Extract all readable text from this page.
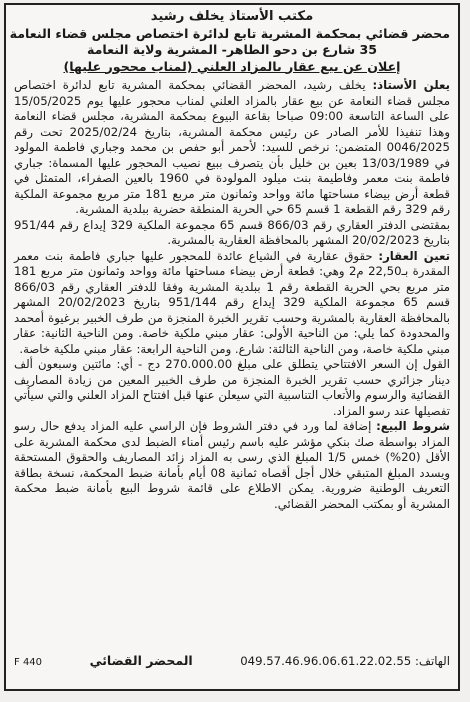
مكتب الأستاذ يخلف رشيد
محضر قضائي بمحكمة المشرية تابع لدائرة اختصاص مجلس قضاء النعامة
35 شارع بن دحو الطاهر- المشرية ولاية النعامة
إعلان عن بيع عقار بالمزاد العلني (لمناب محجور عليها)

يعلن الأستاذ: يخلف رشيد، المحضر القضائي بمحكمة المشرية تابع لدائرة اختصاص مجلس قضاء النعامة عن بيع عقار بالمزاد العلني لمناب محجور عليها يوم 15/05/2025 على الساعة التاسعة 09:00 صباحا بقاعة البيوع بمحكمة المشرية، مجلس قضاء النعامة وهذا تنفيذا للأمر الصادر عن رئيس محكمة المشرية، بتاريخ 2025/02/24 تحت رقم 0046/2025 المتضمن: نرخص للسيد: لأحمر أبو حفص بن محمد وجباري فاطمة المولود في 13/03/1989 بعين بن خليل بأن يتصرف ببيع نصيب المحجور عليها المسماة: جباري فاطمة بنت معمر وفاطيمة بنت ميلود المولودة في 1960 بالعين الصفراء، المتمثل في قطعة أرض بيضاء مساحتها مائة وواحد وثمانون متر مربع 181 متر مربع مجموعة الملكية رقم 329 رقم القطعة 1 قسم 65 حي الحرية المنطقة حضرية ببلدية المشرية.

بمقتضى الدفتر العقاري رقم 866/03 قسم 65 مجموعة الملكية 329 إيداع رقم 951/44 بتاريخ 20/02/2023 المشهر بالمحافظة العقارية بالمشرية.

تعين العقار: حقوق عقارية في الشياع عائدة للمحجور عليها جباري فاطمة بنت معمر المقدرة بـ22,50 م2 وهي: قطعة أرض بيضاء مساحتها مائة وواحد وثمانون متر مربع 181 متر مربع بحي الحرية القطعة رقم 1 ببلدية المشرية وفقا للدفتر العقاري رقم 866/03 قسم 65 مجموعة الملكية 329 إيداع رقم 951/144 بتاريخ 20/02/2023 المشهر بالمحافظة العقارية بالمشرية وحسب تقرير الخبرة المنجزة من طرف الخبير برغيوة أمحمد والمحدودة كما يلي: من الناحية الأولى: عقار مبني ملكية خاصة. ومن الناحية الثانية: عقار مبني ملكية خاصة، ومن الناحية الثالثة: شارع. ومن الناحية الرابعة: عقار مبني ملكية خاصة.

القول إن السعر الافتتاحي يتطلق على مبلغ 270.000.00 دج - أي: مائتين وسبعون ألف دينار جزائري حسب تقرير الخبرة المنجزة من طرف الخبير المعين من زيادة المصاريف القضائية والرسوم والأتعاب التناسبية التي سيعلن عنها قبل افتتاح المزاد العلني والتي سيأتي تفصيلها عند رسو المزاد.

شروط البيع: إضافة لما ورد في دفتر الشروط فإن الراسي عليه المزاد يدفع حال رسو المزاد بواسطة صك بنكي مؤشر عليه باسم رئيس أمناء الضبط لدى محكمة المشرية على الأقل (20%) خمس 1/5 المبلغ الذي رسى به المزاد زائد المصاريف والحقوق المستحقة ويسدد المبلغ المتبقي خلال أجل أقصاه ثمانية 08 أيام بأمانة ضبط المحكمة، نسخة بطاقة التعريف الوطنية ضرورية. يمكن الاطلاع على قائمة شروط البيع بأمانة ضبط محكمة المشرية أو بمكتب المحضر القضائي.

الهاتف: 049.57.46.96.06.61.22.02.55
المحضر القضائي
F 440
